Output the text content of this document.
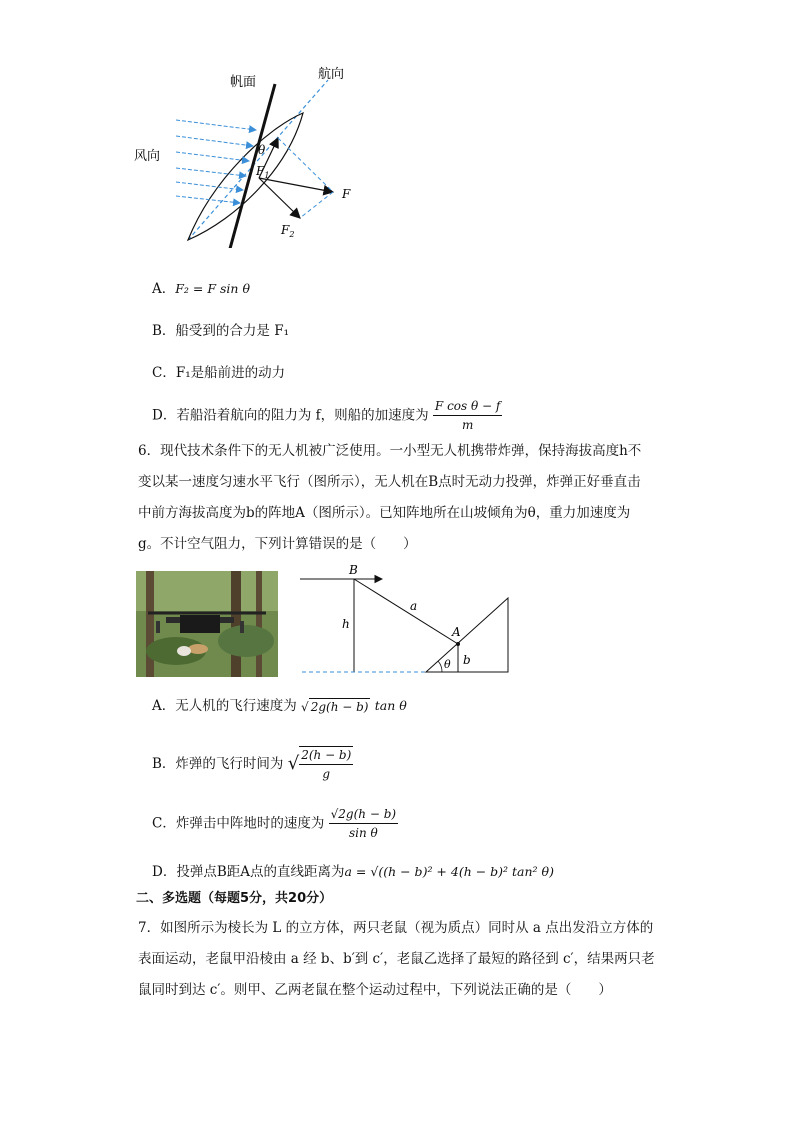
帆面
航向
风向	θ
$F_1$
F
$F_2$
A．F₂ = F sin θ
B．船受到的合力是 F₁
C．F₁是船前进的动力
D．若船沿着航向的阻力为 f，则船的加速度为 $\frac{\text{F cos θ − f}}{m}$
6．现代技术条件下的无人机被广泛使用。一小型无人机携带炸弹，保持海拔高度h不
变以某一速度匀速水平飞行（图所示），无人机在B点时无动力投弹，炸弹正好垂直击
中前方海拔高度为b的阵地A（图所示）。已知阵地所在山坡倾角为θ，重力加速度为
g。不计空气阻力，下列计算错误的是（　　）
B
a
h
A
θ b
A．无人机的飞行速度为 √ 2g(h − b) tan θ
B．炸弹的飞行时间为 √ $\frac{2(h - b)}{g}$
C．炸弹击中阵地时的速度为 $\frac{√2g(h - b)}{\text{sin θ}}$
D．投弹点B距A点的直线距离为a = √((h − b)² + 4(h − b)² tan² θ)
二、多选题（每题5分，共20分）
7．如图所示为棱长为 L 的立方体，两只老鼠（视为质点）同时从 a 点出发沿立方体的
表面运动，老鼠甲沿棱由 a 经 b、b′到 c′，老鼠乙选择了最短的路径到 c′，结果两只老
鼠同时到达 c′。则甲、乙两老鼠在整个运动过程中，下列说法正确的是（　　）
